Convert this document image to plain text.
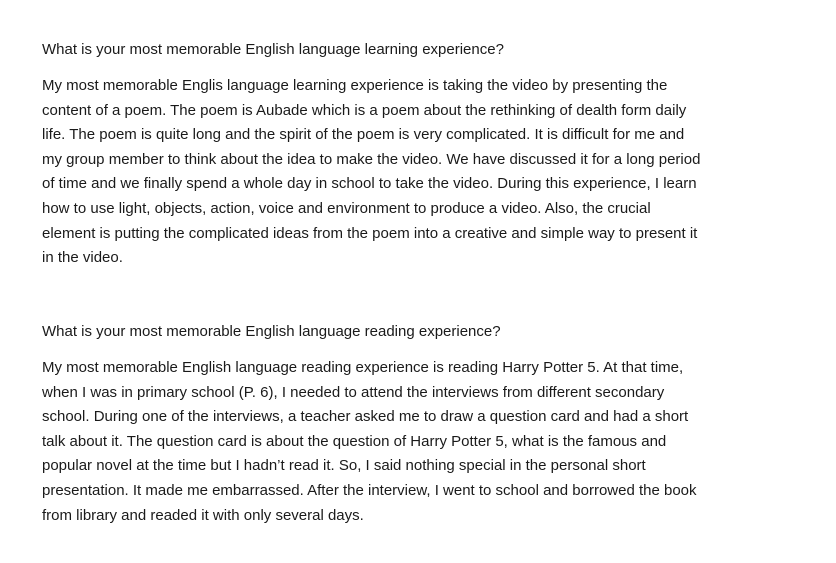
What is your most memorable English language learning experience?

My most memorable Englis language learning experience is taking the video by presenting the
content of a poem. The poem is Aubade which is a poem about the rethinking of dealth form daily
life. The poem is quite long and the spirit of the poem is very complicated. It is difficult for me and
my group member to think about the idea to make the video. We have discussed it for a long period
of time and we finally spend a whole day in school to take the video. During this experience, I learn
how to use light, objects, action, voice and environment to produce a video. Also, the crucial
element is putting the complicated ideas from the poem into a creative and simple way to present it
in the video.

What is your most memorable English language reading experience?

My most memorable English language reading experience is reading Harry Potter 5. At that time,
when I was in primary school (P. 6), I needed to attend the interviews from different secondary
school. During one of the interviews, a teacher asked me to draw a question card and had a short
talk about it. The question card is about the question of Harry Potter 5, what is the famous and
popular novel at the time but I hadn’t read it. So, I said nothing special in the personal short
presentation. It made me embarrassed. After the interview, I went to school and borrowed the book
from library and readed it with only several days.
